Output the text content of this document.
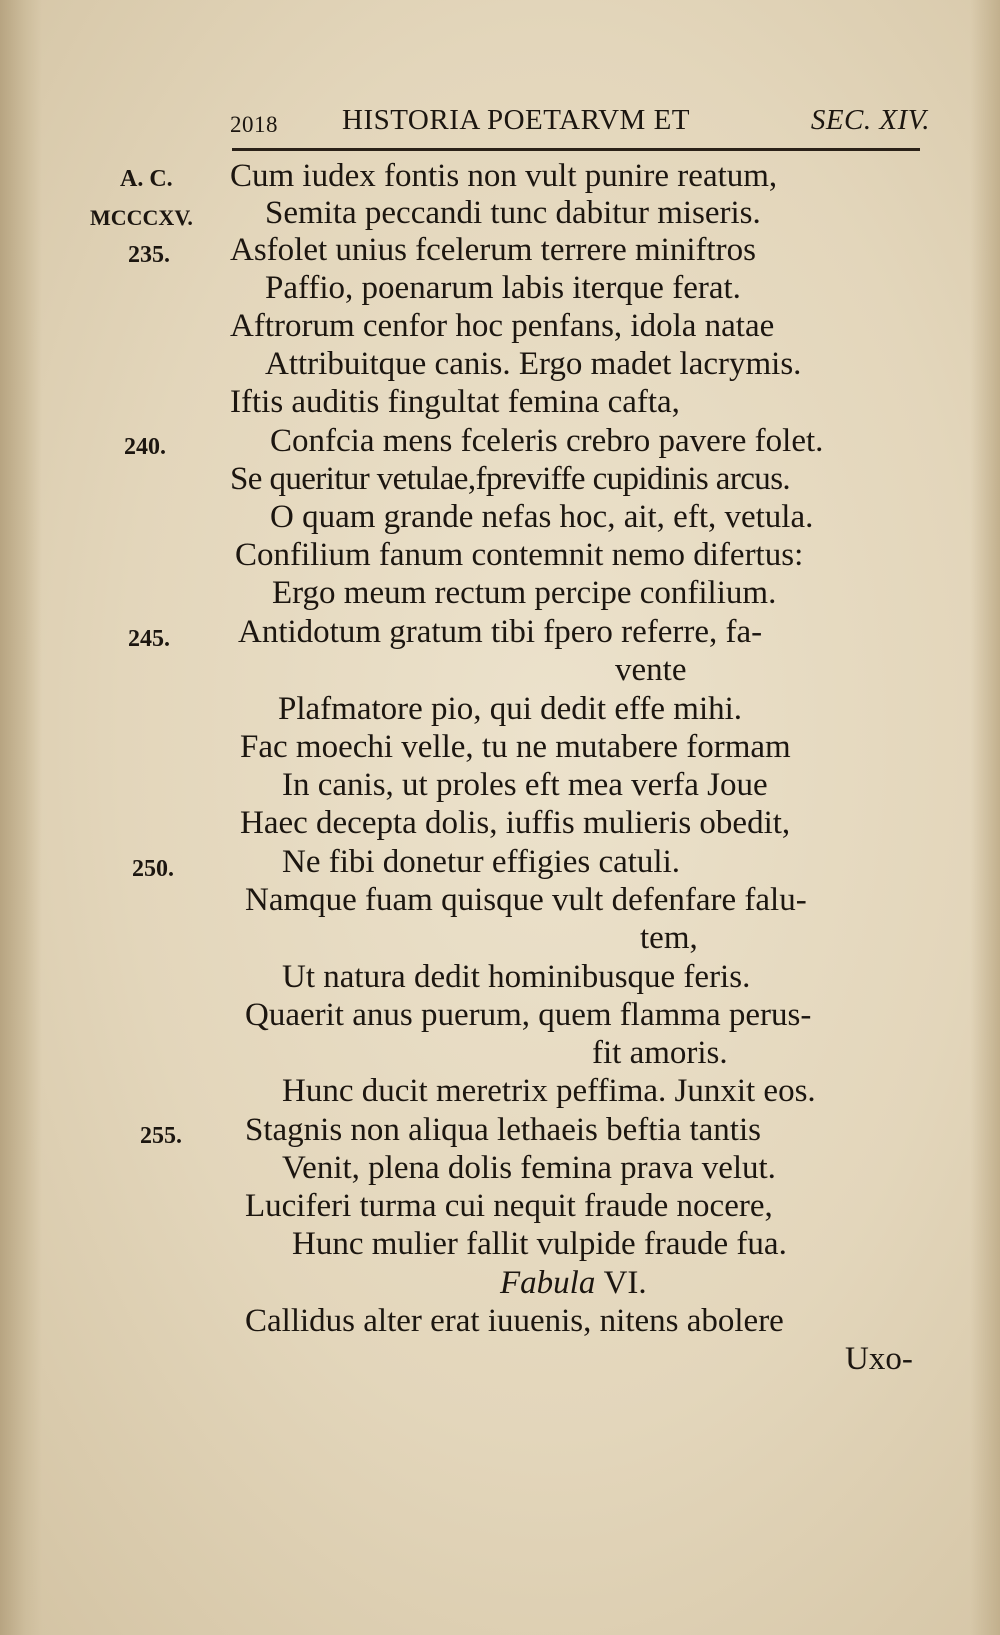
2018 HISTORIA POETARVM ET	SEC. XIV.
A. C.
MCCCXV.
235.
240.
245.
250.
255.
Cum iudex fontis non vult punire reatum,
Semita peccandi tunc dabitur miseris.
Asfolet unius fcelerum terrere miniftros
Paffio, poenarum labis iterque ferat.
Aftrorum cenfor hoc penfans, idola natae
Attribuitque canis. Ergo madet lacrymis.
Iftis auditis fingultat femina cafta,
Confcia mens fceleris crebro pavere folet.
Se queritur vetulae,fpreviffe cupidinis arcus.
O quam grande nefas hoc, ait, eft, vetula.
Confilium fanum contemnit nemo difertus:
Ergo meum rectum percipe confilium.
Antidotum gratum tibi fpero referre, fa-
vente
Plafmatore pio, qui dedit effe mihi.
Fac moechi velle, tu ne mutabere formam
In canis, ut proles eft mea verfa Joue
Haec decepta dolis, iuffis mulieris obedit,
Ne fibi donetur effigies catuli.
Namque fuam quisque vult defenfare falu-
tem,
Ut natura dedit hominibusque feris.
Quaerit anus puerum, quem flamma perus-
fit amoris.
Hunc ducit meretrix peffima. Junxit eos.
Stagnis non aliqua lethaeis beftia tantis
Venit, plena dolis femina prava velut.
Luciferi turma cui nequit fraude nocere,
Hunc mulier fallit vulpide fraude fua.
Fabula VI.
Callidus alter erat iuuenis, nitens abolere
Uxo-
